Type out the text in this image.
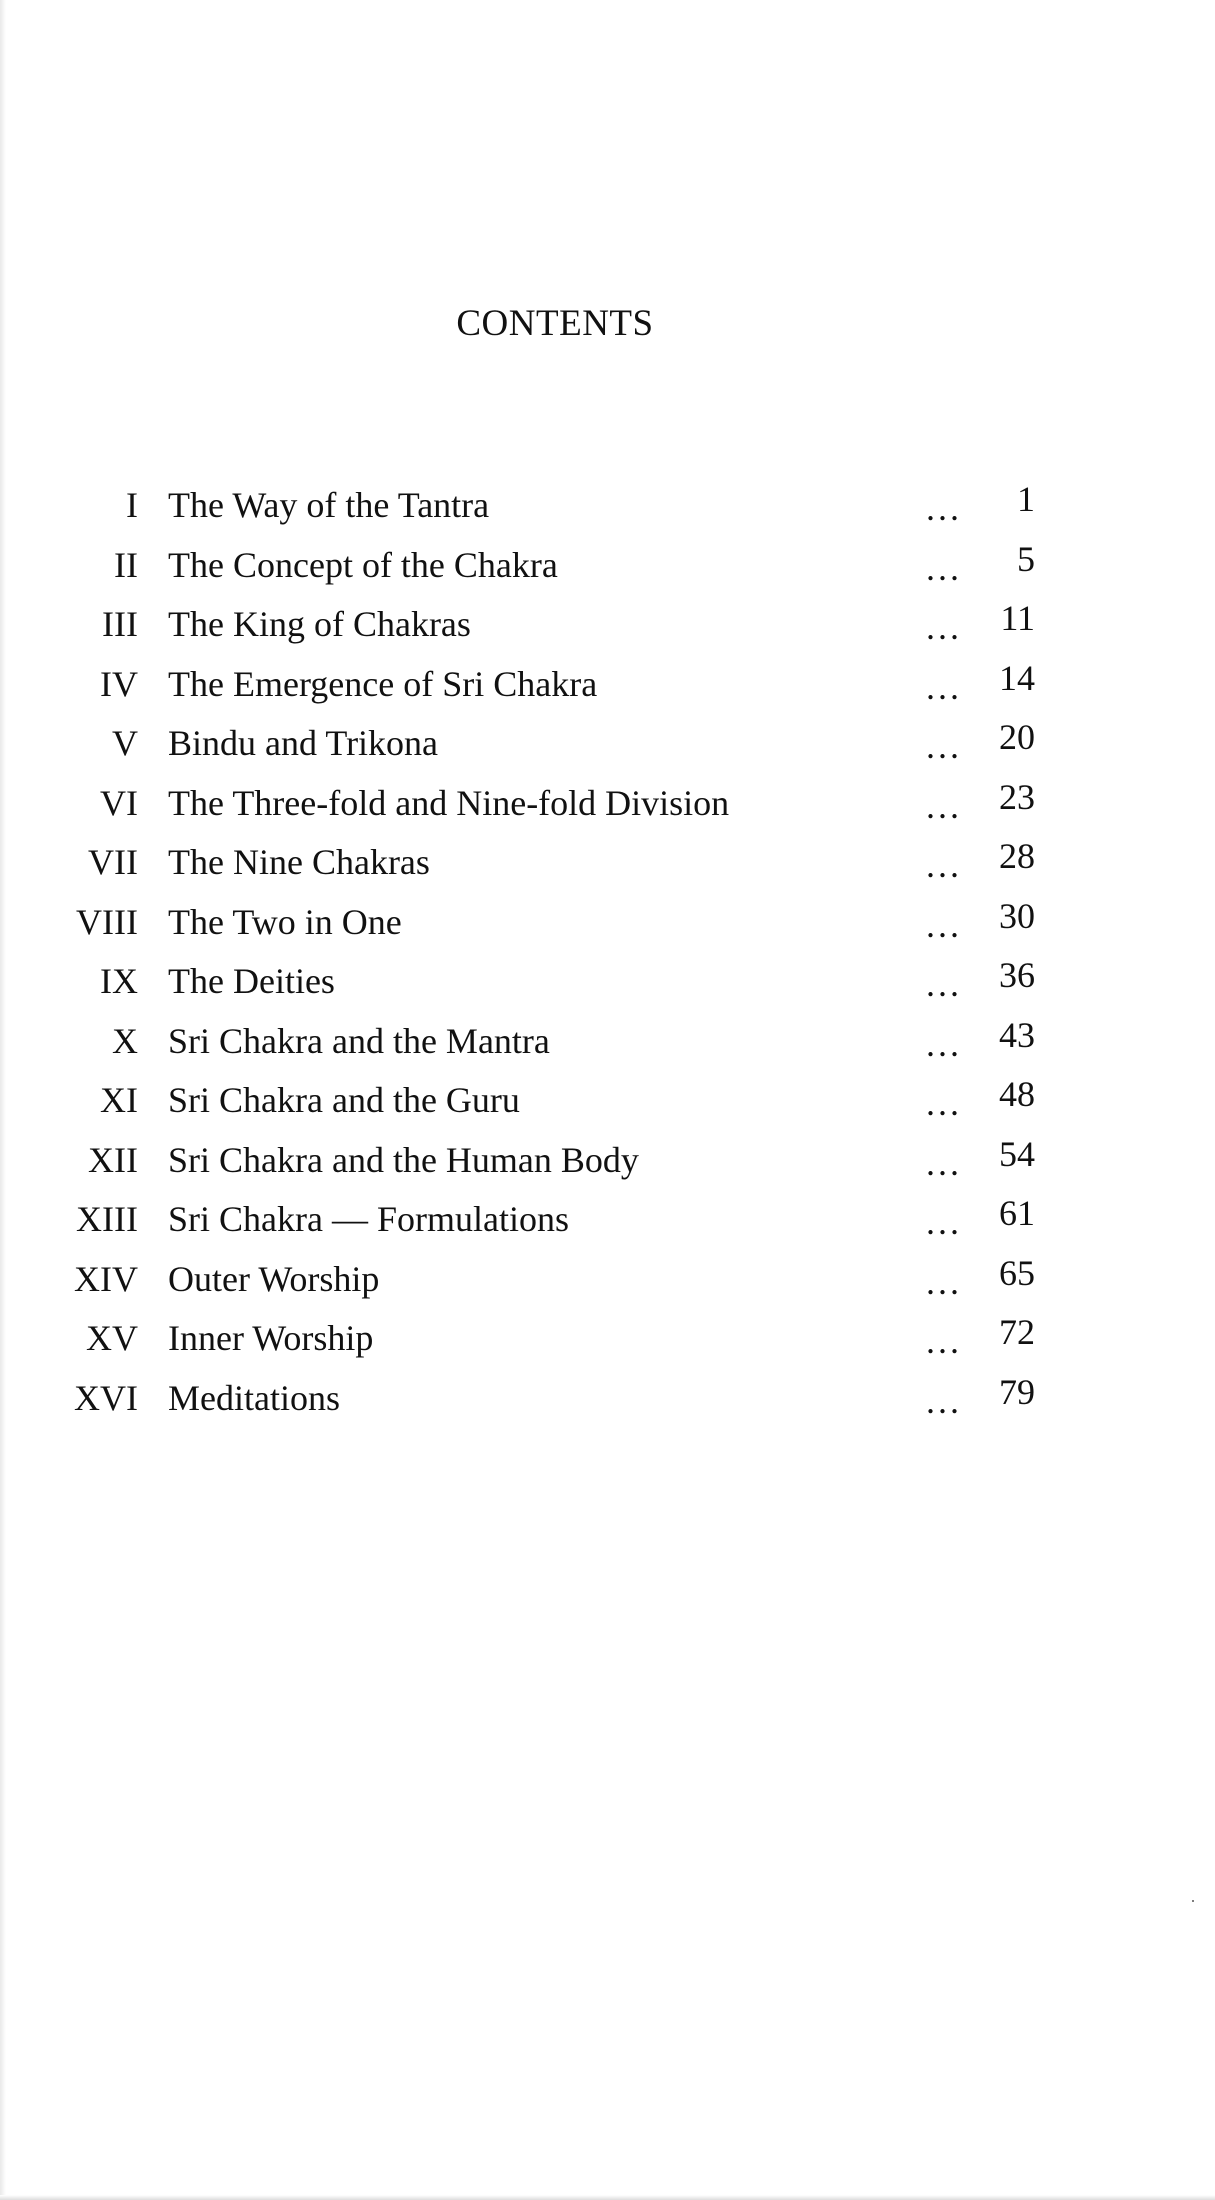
CONTENTS
I The Way of the Tantra	... 1
II The Concept of the Chakra	... 5
III The King of Chakras	... 11
IV The Emergence of Sri Chakra	... 14
V Bindu and Trikona	... 20
VI The Three-fold and Nine-fold Division	... 23
VII The Nine Chakras	... 28
VIII The Two in One	... 30
IX The Deities	... 36
X Sri Chakra and the Mantra	... 43
XI Sri Chakra and the Guru	... 48
XII Sri Chakra and the Human Body	... 54
XIII Sri Chakra — Formulations	... 61
XIV Outer Worship	... 65
XV Inner Worship	... 72
XVI Meditations	... 79
